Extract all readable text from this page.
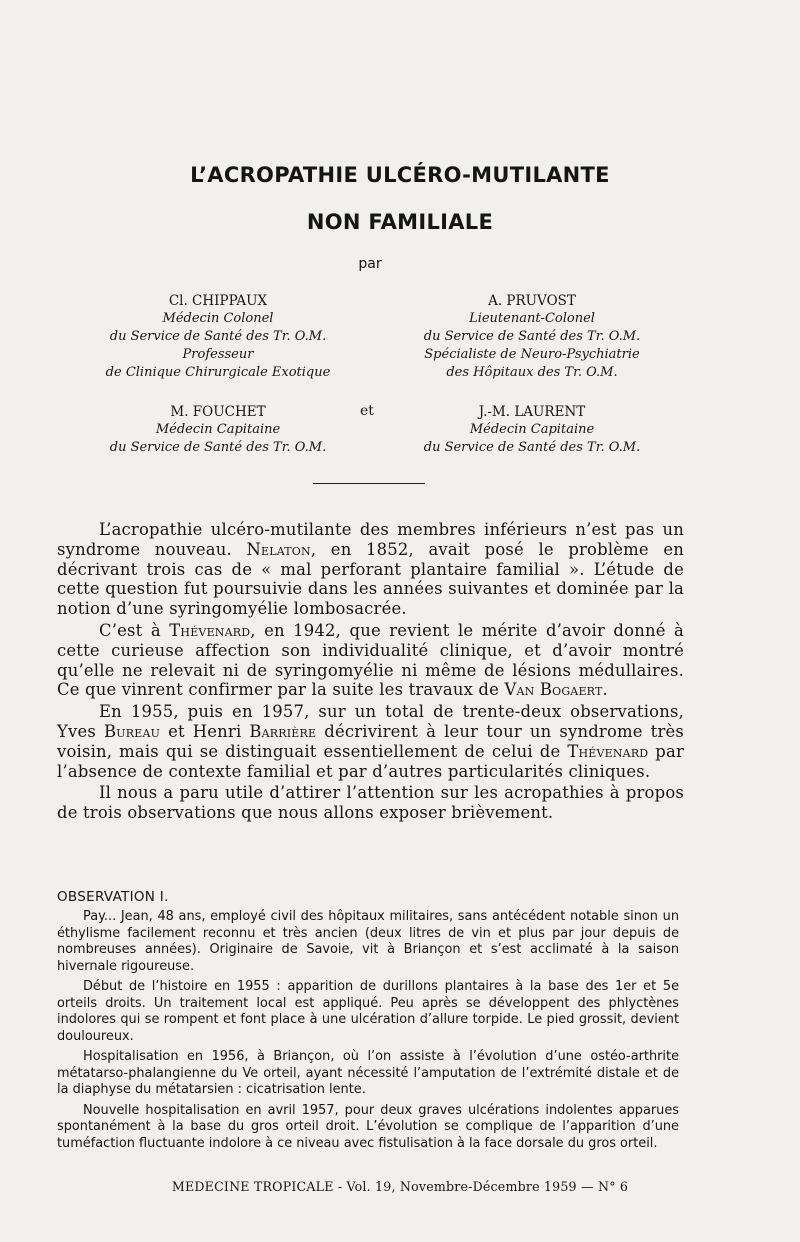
L’ACROPATHIE ULCÉRO-MUTILANTE
NON FAMILIALE
par
Cl. CHIPPAUX
Médecin Colonel
du Service de Santé des Tr. O.M.
Professeur
de Clinique Chirurgicale Exotique
A. PRUVOST
Lieutenant-Colonel
du Service de Santé des Tr. O.M.
Spécialiste de Neuro-Psychiatrie
des Hôpitaux des Tr. O.M.
M. FOUCHET
Médecin Capitaine
du Service de Santé des Tr. O.M.
et	J.-M. LAURENT
Médecin Capitaine
du Service de Santé des Tr. O.M.

L’acropathie ulcéro-mutilante des membres inférieurs n’est pas un syndrome nouveau. Nelaton, en 1852, avait posé le problème en décrivant trois cas de « mal perforant plantaire familial ». L’étude de cette question fut poursuivie dans les années suivantes et dominée par la notion d’une syringomyélie lombosacrée.

C’est à Thévenard, en 1942, que revient le mérite d’avoir donné à cette curieuse affection son individualité clinique, et d’avoir montré qu’elle ne relevait ni de syringomyélie ni même de lésions médullaires. Ce que vinrent confirmer par la suite les travaux de Van Bogaert.

En 1955, puis en 1957, sur un total de trente-deux observations, Yves Bureau et Henri Barrière décrivirent à leur tour un syndrome très voisin, mais qui se distinguait essentiellement de celui de Thévenard par l’absence de contexte familial et par d’autres particularités cliniques.

Il nous a paru utile d’attirer l’attention sur les acropathies à propos de trois observations que nous allons exposer brièvement.

OBSERVATION I.

Pay... Jean, 48 ans, employé civil des hôpitaux militaires, sans antécédent notable sinon un éthylisme facilement reconnu et très ancien (deux litres de vin et plus par jour depuis de nombreuses années). Originaire de Savoie, vit à Briançon et s’est acclimaté à la saison hivernale rigoureuse.

Début de l’histoire en 1955 : apparition de durillons plantaires à la base des 1er et 5e orteils droits. Un traitement local est appliqué. Peu après se développent des phlyctènes indolores qui se rompent et font place à une ulcération d’allure torpide. Le pied grossit, devient douloureux.

Hospitalisation en 1956, à Briançon, où l’on assiste à l’évolution d’une ostéo-arthrite métatarso-phalangienne du Ve orteil, ayant nécessité l’amputation de l’extrémité distale et de la diaphyse du métatarsien : cicatrisation lente.

Nouvelle hospitalisation en avril 1957, pour deux graves ulcérations indolentes apparues spontanément à la base du gros orteil droit. L’évolution se complique de l’apparition d’une tuméfaction fluctuante indolore à ce niveau avec fistulisation à la face dorsale du gros orteil.

MEDECINE TROPICALE - Vol. 19, Novembre-Décembre 1959 — N° 6
